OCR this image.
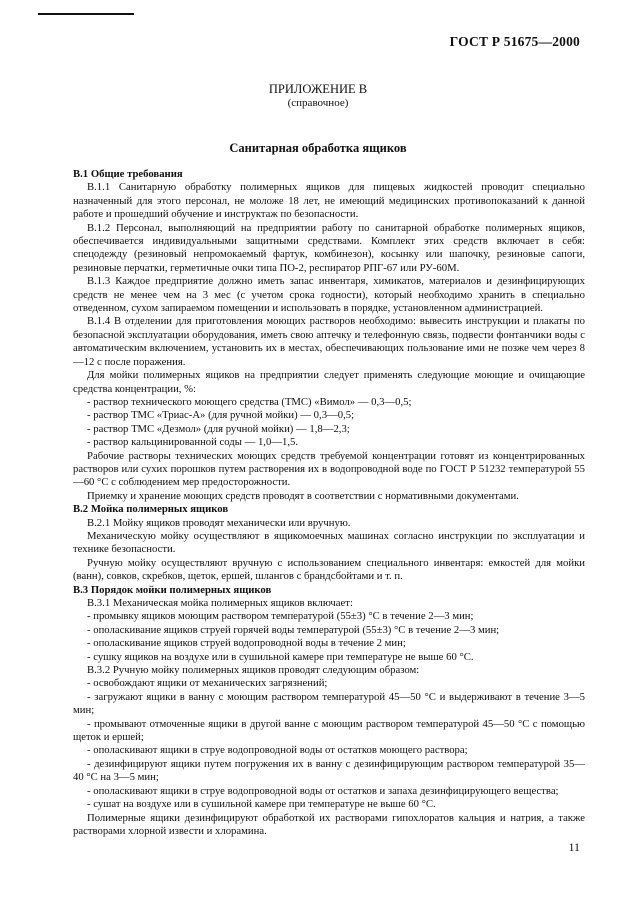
ГОСТ Р 51675—2000
ПРИЛОЖЕНИЕ В
(справочное)
Санитарная обработка ящиков
В.1 Общие требования

В.1.1 Санитарную обработку полимерных ящиков для пищевых жидкостей проводит специально назначенный для этого персонал, не моложе 18 лет, не имеющий медицинских противопоказаний к данной работе и прошедший обучение и инструктаж по безопасности.

В.1.2 Персонал, выполняющий на предприятии работу по санитарной обработке полимерных ящиков, обеспечивается индивидуальными защитными средствами. Комплект этих средств включает в себя: спецодежду (резиновый непромокаемый фартук, комбинезон), косынку или шапочку, резиновые сапоги, резиновые перчатки, герметичные очки типа ПО-2, респиратор РПГ-67 или РУ-60М.

В.1.3 Каждое предприятие должно иметь запас инвентаря, химикатов, материалов и дезинфицирующих средств не менее чем на 3 мес (с учетом срока годности), который необходимо хранить в специально отведенном, сухом запираемом помещении и использовать в порядке, установленном администрацией.

В.1.4 В отделении для приготовления моющих растворов необходимо: вывесить инструкции и плакаты по безопасной эксплуатации оборудования, иметь свою аптечку и телефонную связь, подвести фонтанчики воды с автоматическим включением, установить их в местах, обеспечивающих пользование ими не позже чем через 8—12 с после поражения.

Для мойки полимерных ящиков на предприятии следует применять следующие моющие и очищающие средства концентрации, %:

- раствор технического моющего средства (ТМС) «Вимол» — 0,3—0,5;
- раствор ТМС «Триас-А» (для ручной мойки) — 0,3—0,5;
- раствор ТМС «Дезмол» (для ручной мойки) — 1,8—2,3;
- раствор кальцинированной соды — 1,0—1,5.

Рабочие растворы технических моющих средств требуемой концентрации готовят из концентрированных растворов или сухих порошков путем растворения их в водопроводной воде по ГОСТ Р 51232 температурой 55—60 °С с соблюдением мер предосторожности.

Приемку и хранение моющих средств проводят в соответствии с нормативными документами.

В.2 Мойка полимерных ящиков

В.2.1 Мойку ящиков проводят механически или вручную.

Механическую мойку осуществляют в ящикомоечных машинах согласно инструкции по эксплуатации и технике безопасности.

Ручную мойку осуществляют вручную с использованием специального инвентаря: емкостей для мойки (ванн), совков, скребков, щеток, ершей, шлангов с брандсбойтами и т. п.

В.3 Порядок мойки полимерных ящиков

В.3.1 Механическая мойка полимерных ящиков включает:

- промывку ящиков моющим раствором температурой (55±3) °С в течение 2—3 мин;
- ополаскивание ящиков струей горячей воды температурой (55±3) °С в течение 2—3 мин;
- ополаскивание ящиков струей водопроводной воды в течение 2 мин;
- сушку ящиков на воздухе или в сушильной камере при температуре не выше 60 °С.

В.3.2 Ручную мойку полимерных ящиков проводят следующим образом:

- освобождают ящики от механических загрязнений;
- загружают ящики в ванну с моющим раствором температурой 45—50 °С и выдерживают в течение 3—5 мин;
- промывают отмоченные ящики в другой ванне с моющим раствором температурой 45—50 °С с помощью щеток и ершей;
- ополаскивают ящики в струе водопроводной воды от остатков моющего раствора;
- дезинфицируют ящики путем погружения их в ванну с дезинфицирующим раствором температурой 35—40 °С на 3—5 мин;
- ополаскивают ящики в струе водопроводной воды от остатков и запаха дезинфицирующего вещества;
- сушат на воздухе или в сушильной камере при температуре не выше 60 °С.

Полимерные ящики дезинфицируют обработкой их растворами гипохлоратов кальция и натрия, а также растворами хлорной извести и хлорамина.

11
